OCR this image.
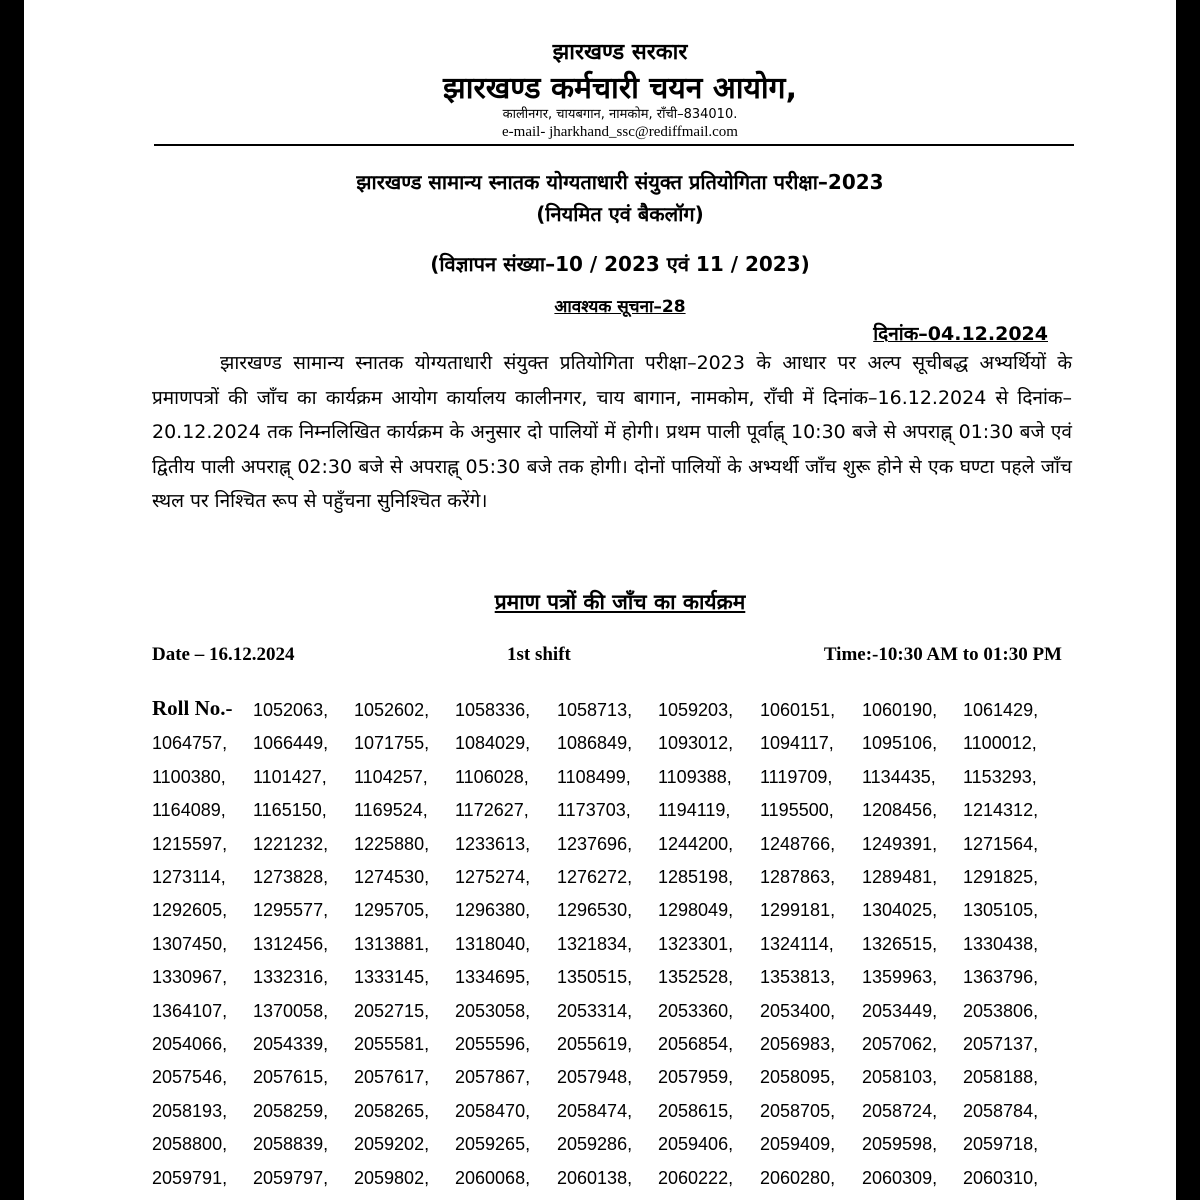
झारखण्ड सरकार
झारखण्ड कर्मचारी चयन आयोग,
कालीनगर, चायबगान, नामकोम, राँची–834010.
e-mail- jharkhand_ssc@rediffmail.com
झारखण्ड सामान्य स्नातक योग्यताधारी संयुक्त प्रतियोगिता परीक्षा–2023
(नियमित एवं बैकलॉग)
(विज्ञापन संख्या–10 / 2023 एवं 11 / 2023)
आवश्यक सूचना–28
दिनांक–04.12.2024
झारखण्ड सामान्य स्नातक योग्यताधारी संयुक्त प्रतियोगिता परीक्षा–2023 के आधार पर अल्प सूचीबद्ध अभ्यर्थियों के प्रमाणपत्रों की जाँच का कार्यक्रम आयोग कार्यालय कालीनगर, चाय बागान, नामकोम, राँची में दिनांक–16.12.2024 से दिनांक–20.12.2024 तक निम्नलिखित कार्यक्रम के अनुसार दो पालियों में होगी। प्रथम पाली पूर्वाह्न् 10:30 बजे से अपराह्न् 01:30 बजे एवं द्वितीय पाली अपराह्न् 02:30 बजे से अपराह्न् 05:30 बजे तक होगी। दोनों पालियों के अभ्यर्थी जाँच शुरू होने से एक घण्टा पहले जाँच स्थल पर निश्चित रूप से पहुँचना सुनिश्चित करेंगे।
प्रमाण पत्रों की जाँच का कार्यक्रम
Date – 16.12.2024	1st shift	Time:-10:30 AM to 01:30 PM
Roll No.- 1052063, 1052602, 1058336, 1058713, 1059203, 1060151, 1060190, 1061429,
1064757, 1066449, 1071755, 1084029, 1086849, 1093012, 1094117, 1095106, 1100012,
1100380, 1101427, 1104257, 1106028, 1108499, 1109388, 1119709, 1134435, 1153293,
1164089, 1165150, 1169524, 1172627, 1173703, 1194119, 1195500, 1208456, 1214312,
1215597, 1221232, 1225880, 1233613, 1237696, 1244200, 1248766, 1249391, 1271564,
1273114, 1273828, 1274530, 1275274, 1276272, 1285198, 1287863, 1289481, 1291825,
1292605, 1295577, 1295705, 1296380, 1296530, 1298049, 1299181, 1304025, 1305105,
1307450, 1312456, 1313881, 1318040, 1321834, 1323301, 1324114, 1326515, 1330438,
1330967, 1332316, 1333145, 1334695, 1350515, 1352528, 1353813, 1359963, 1363796,
1364107, 1370058, 2052715, 2053058, 2053314, 2053360, 2053400, 2053449, 2053806,
2054066, 2054339, 2055581, 2055596, 2055619, 2056854, 2056983, 2057062, 2057137,
2057546, 2057615, 2057617, 2057867, 2057948, 2057959, 2058095, 2058103, 2058188,
2058193, 2058259, 2058265, 2058470, 2058474, 2058615, 2058705, 2058724, 2058784,
2058800, 2058839, 2059202, 2059265, 2059286, 2059406, 2059409, 2059598, 2059718,
2059791, 2059797, 2059802, 2060068, 2060138, 2060222, 2060280, 2060309, 2060310,
